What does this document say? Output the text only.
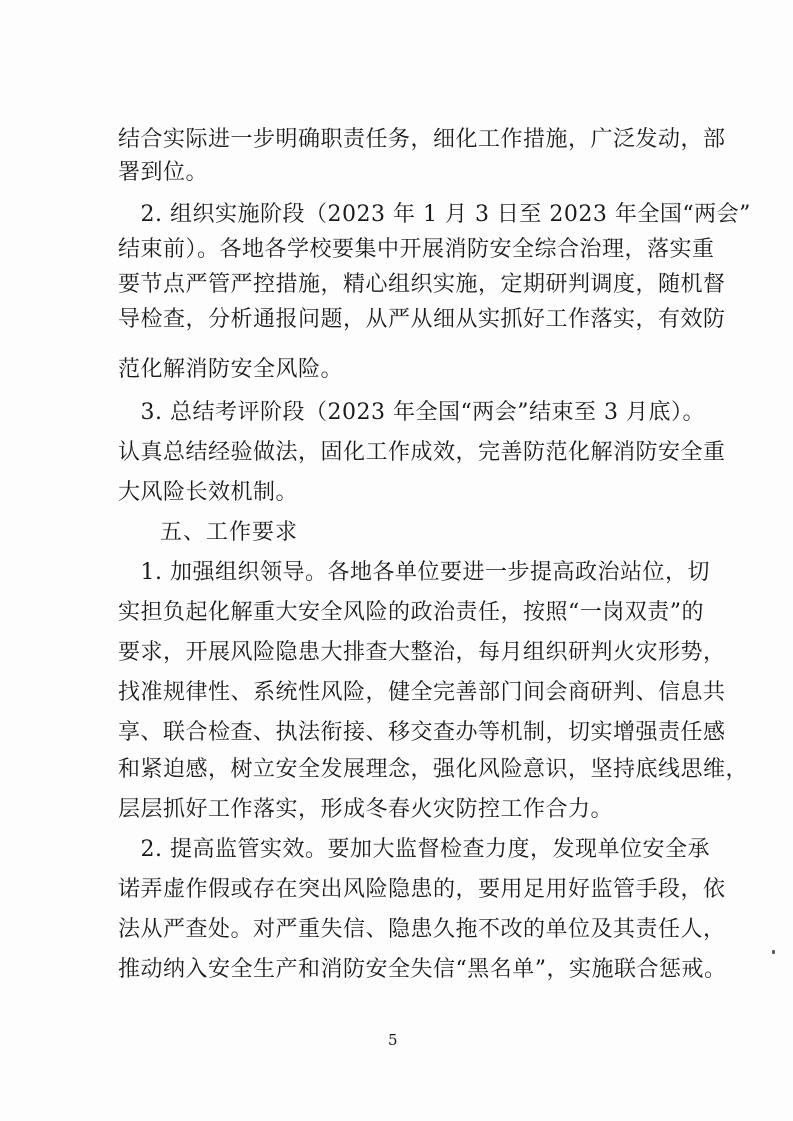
结合实际进一步明确职责任务，细化工作措施，广泛发动，部
署到位。
　2. 组织实施阶段（2023 年 1 月 3 日至 2023 年全国“两会”
结束前）。各地各学校要集中开展消防安全综合治理，落实重
要节点严管严控措施，精心组织实施，定期研判调度，随机督
导检查，分析通报问题，从严从细从实抓好工作落实，有效防
范化解消防安全风险。
　3. 总结考评阶段（2023 年全国“两会”结束至 3 月底）。
认真总结经验做法，固化工作成效，完善防范化解消防安全重
大风险长效机制。
五、工作要求
　1. 加强组织领导。各地各单位要进一步提高政治站位，切
实担负起化解重大安全风险的政治责任，按照“一岗双责”的
要求，开展风险隐患大排查大整治，每月组织研判火灾形势，
找准规律性、系统性风险，健全完善部门间会商研判、信息共
享、联合检查、执法衔接、移交查办等机制，切实增强责任感
和紧迫感，树立安全发展理念，强化风险意识，坚持底线思维，
层层抓好工作落实，形成冬春火灾防控工作合力。
　2. 提高监管实效。要加大监督检查力度，发现单位安全承
诺弄虚作假或存在突出风险隐患的，要用足用好监管手段，依
法从严查处。对严重失信、隐患久拖不改的单位及其责任人，
推动纳入安全生产和消防安全失信“黑名单”，实施联合惩戒。
5
